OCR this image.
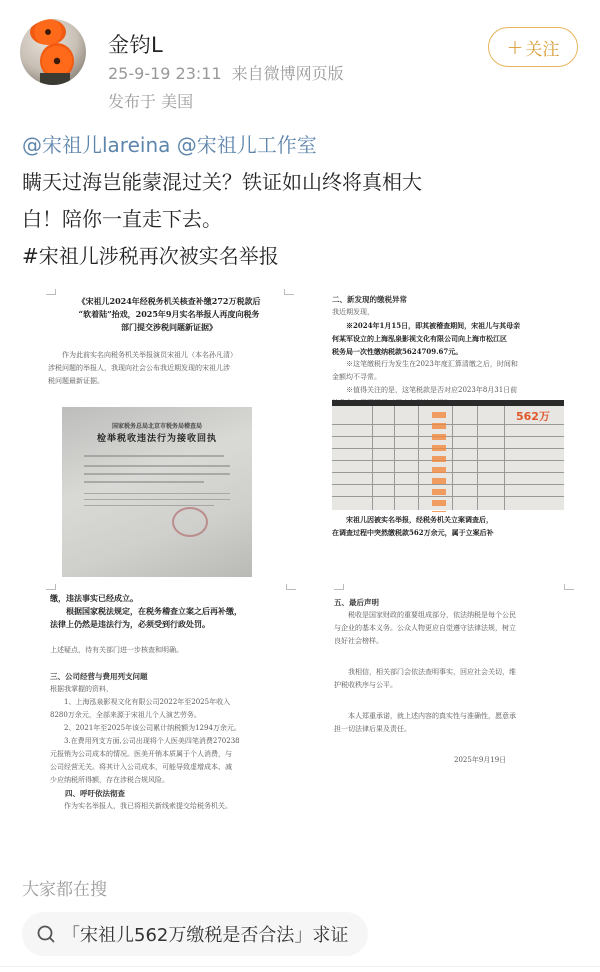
金钧L
25-9-19 23:11 来自微博网页版
发布于 美国
+ 关注
@宋祖儿lareina @宋祖儿工作室
瞒天过海岂能蒙混过关？铁证如山终将真相大
白！陪你一直走下去。
#宋祖儿涉税再次被实名举报
《宋祖儿2024年经税务机关核查补缴272万税款后
“软着陆”抬戏，2025年9月实名举报人再度向税务
部门提交涉税问题新证据》
作为此前实名向税务机关举报演员宋祖儿（本名孙凡清）
涉税问题的举报人，我现向社会公布我近期发现的宋祖儿涉
税问题最新证据。
国家税务总局北京市税务局稽查局
检举税收违法行为接收回执
二、新发现的缴税异常
我近期发现，
※2024年1月15日，即其被稽查期间，宋祖儿与其母亲
何某军设立的上海泓泉影视文化有限公司向上海市松江区
税务局一次性缴纳税款5624709.67元。
※这笔缴税行为发生在2023年度汇算清缴之后，时间和
金额均不寻常。
※值得关注的是，这笔税款是否对应2023年8月31日前
562万
宋祖儿因被实名举报，经税务机关立案调查后，
在调查过程中突然缴税款562万余元，属于立案后补
缴，违法事实已经成立。
根据国家税法规定，在税务稽查立案之后再补缴，
法律上仍然是违法行为，必须受到行政处罚。
上述疑点，待有关部门进一步核查和明确。
三、公司经营与费用列支问题
根据我掌握的资料，
1、上海泓泉影视文化有限公司2022年至2025年收入
8280万余元，全部来源于宋祖儿个人演艺劳务。
2、2021年至2025年该公司累计纳税额为1294万余元。
3.在费用列支方面,公司出现将个人医美四笔消费270238
元报销为公司成本的情况。医美开销本质属于个人消费，与
公司经营无关。将其计入公司成本，可能导致虚增成本、减
少应纳税所得额，存在涉税合规风险。
四、呼吁依法彻查
作为实名举报人，我已将相关新线索提交给税务机关。
五、最后声明
税收是国家财政的重要组成部分，依法纳税是每个公民
与企业的基本义务。公众人物更应自觉遵守法律法规，树立
良好社会榜样。
我相信，相关部门会依法查明事实，回应社会关切，维
护税收秩序与公平。
本人郑重承诺，就上述内容的真实性与准确性，愿意承
担一切法律后果及责任。
2025年9月19日
大家都在搜
「宋祖儿562万缴税是否合法」求证
